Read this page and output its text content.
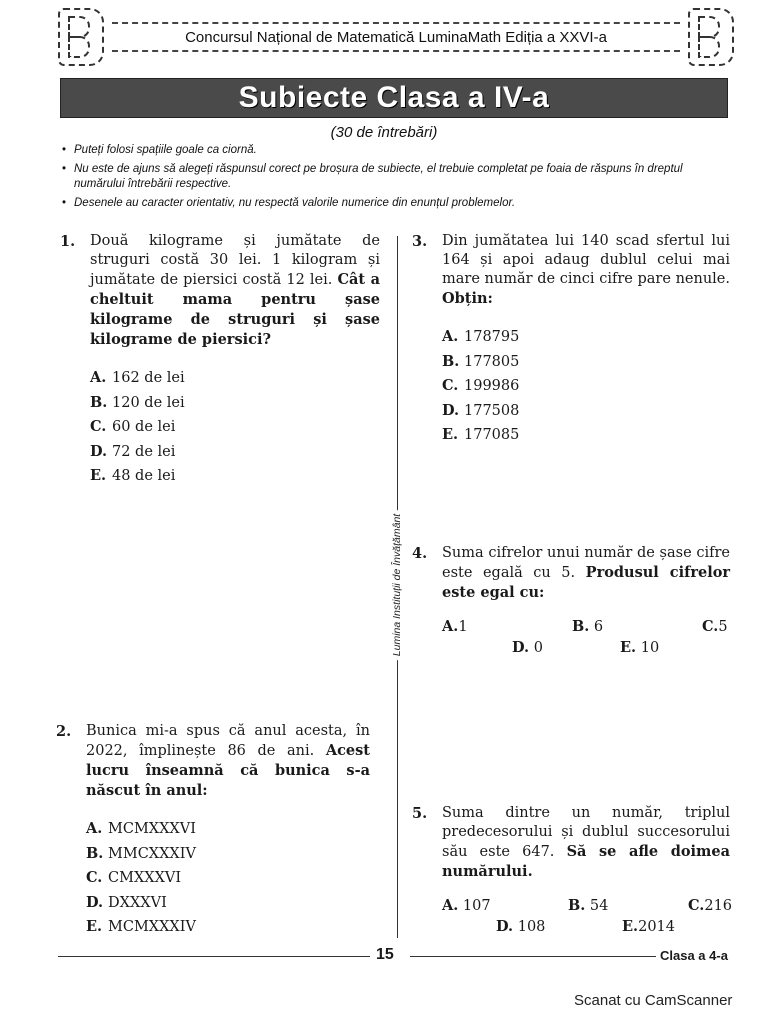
Concursul Național de Matematică LuminaMath Ediția a XXVI-a
Subiecte Clasa a IV-a
(30 de întrebări)
• Puteți folosi spațiile goale ca ciornă.
• Nu este de ajuns să alegeți răspunsul corect pe broșura de subiecte, el trebuie completat pe foaia de răspuns în dreptul numărului întrebării respective.
• Desenele au caracter orientativ, nu respectă valorile numerice din enunțul problemelor.
Lumina Instituții de Învățământ
1. Două kilograme și jumătate de struguri costă 30 lei. 1 kilogram și jumătate de piersici costă 12 lei. Cât a cheltuit mama pentru șase kilograme de struguri și șase kilograme de piersici?
A. 162 de lei
B. 120 de lei
C. 60 de lei
D. 72 de lei
E. 48 de lei
2. Bunica mi-a spus că anul acesta, în 2022, împlinește 86 de ani. Acest lucru înseamnă că bunica s-a născut în anul:
A. MCMXXXVI
B. MMCXXXIV
C. CMXXXVI
D. DXXXVI
E. MCMXXXIV
3. Din jumătatea lui 140 scad sfertul lui 164 și apoi adaug dublul celui mai mare număr de cinci cifre pare nenule. Obțin:
A. 178795
B. 177805
C. 199986
D. 177508
E. 177085
4. Suma cifrelor unui număr de șase cifre este egală cu 5. Produsul cifrelor este egal cu:
A.1	B. 6	C.5
D. 0	E. 10
5. Suma dintre un număr, triplul predecesorului și dublul succesorului său este 647. Să se afle doimea numărului.
A. 107	B. 54	C.216
D. 108	E.2014
15	Clasa a 4-a
Scanat cu CamScanner
